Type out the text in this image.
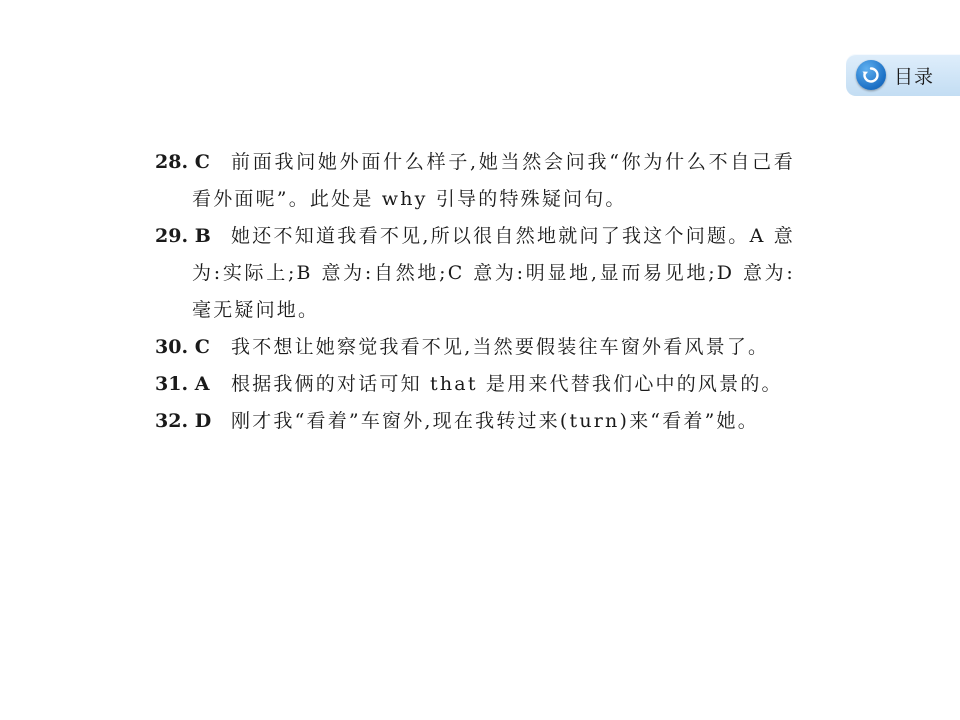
目录
28. C	前面我问她外面什么样子,她当然会问我“你为什么不自己看看外面呢”。此处是 why 引导的特殊疑问句。
29. B	她还不知道我看不见,所以很自然地就问了我这个问题。A 意为:实际上;B 意为:自然地;C 意为:明显地,显而易见地;D 意为:毫无疑问地。
30. C	我不想让她察觉我看不见,当然要假装往车窗外看风景了。
31. A	根据我俩的对话可知 that 是用来代替我们心中的风景的。
32. D	刚才我“看着”车窗外,现在我转过来(turn)来“看着”她。
